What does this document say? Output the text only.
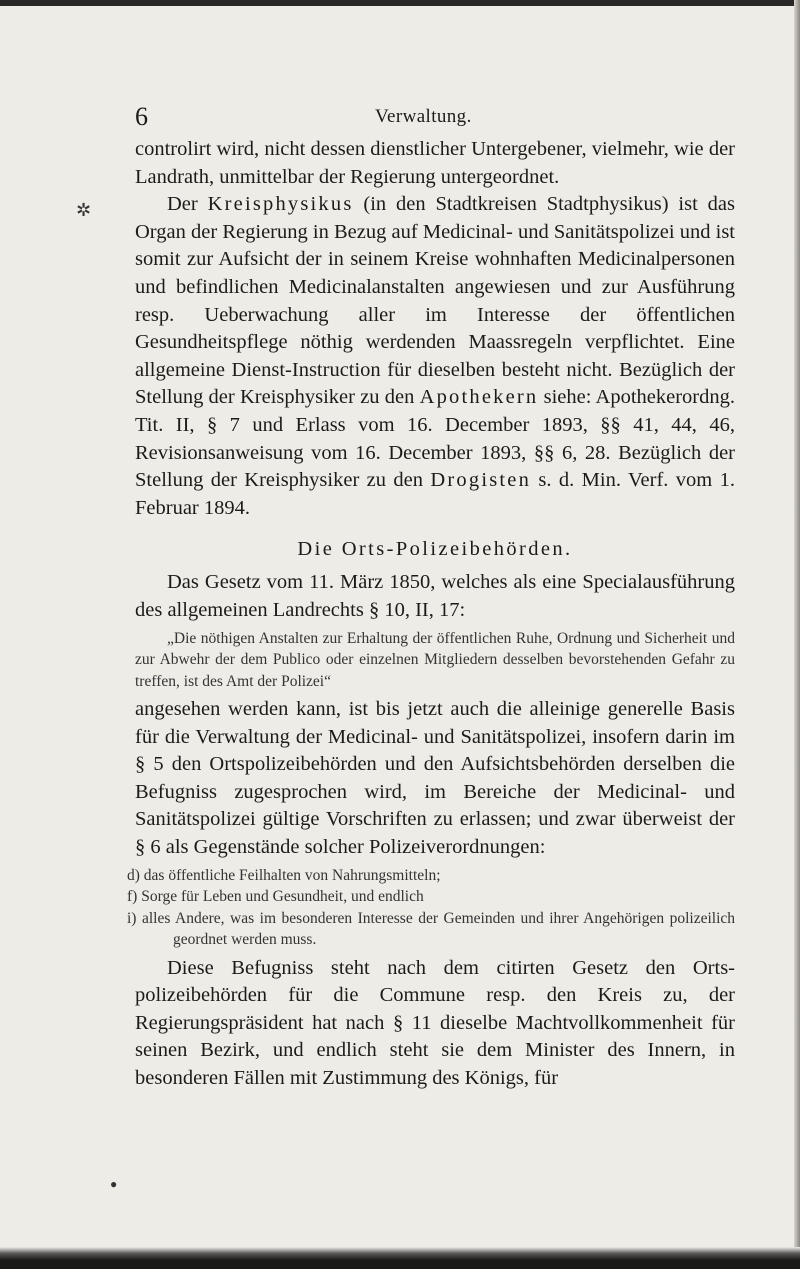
✲
●
6	Verwaltung.

controlirt wird, nicht dessen dienstlicher Untergebener, vielmehr, wie der Landrath, unmittelbar der Regierung untergeordnet.

Der Kreisphysikus (in den Stadtkreisen Stadtphysikus) ist das Organ der Regierung in Bezug auf Medicinal- und Sanitätspolizei und ist somit zur Aufsicht der in seinem Kreise wohnhaften Medicinalpersonen und befindlichen Medicinalanstalten angewiesen und zur Ausführung resp. Ueberwachung aller im Interesse der öffentlichen Gesundheitspflege nöthig werdenden Maassregeln verpflichtet. Eine allgemeine Dienst-Instruction für dieselben besteht nicht. Bezüglich der Stellung der Kreisphysiker zu den Apothekern siehe: Apothekerordng. Tit. II, § 7 und Erlass vom 16. December 1893, §§ 41, 44, 46, Revisionsanweisung vom 16. December 1893, §§ 6, 28. Bezüglich der Stellung der Kreisphysiker zu den Drogisten s. d. Min. Verf. vom 1. Februar 1894.

Die Orts-Polizeibehörden.

Das Gesetz vom 11. März 1850, welches als eine Specialausführung des allgemeinen Landrechts § 10, II, 17:

„Die nöthigen Anstalten zur Erhaltung der öffentlichen Ruhe, Ordnung und Sicherheit und zur Abwehr der dem Publico oder einzelnen Mitgliedern desselben bevorstehenden Gefahr zu treffen, ist des Amt der Polizei“

angesehen werden kann, ist bis jetzt auch die alleinige generelle Basis für die Verwaltung der Medicinal- und Sanitätspolizei, insofern darin im § 5 den Ortspolizeibehörden und den Aufsichtsbehörden derselben die Befugniss zugesprochen wird, im Bereiche der Medicinal- und Sanitätspolizei gültige Vorschriften zu erlassen; und zwar überweist der § 6 als Gegenstände solcher Polizeiverordnungen:

d) das öffentliche Feilhalten von Nahrungsmitteln;
f) Sorge für Leben und Gesundheit, und endlich
i) alles Andere, was im besonderen Interesse der Gemeinden und ihrer Angehörigen polizeilich geordnet werden muss.

Diese Befugniss steht nach dem citirten Gesetz den Ortspolizeibehörden für die Commune resp. den Kreis zu, der Regierungspräsident hat nach § 11 dieselbe Machtvollkommenheit für seinen Bezirk, und endlich steht sie dem Minister des Innern, in besonderen Fällen mit Zustimmung des Königs, für
